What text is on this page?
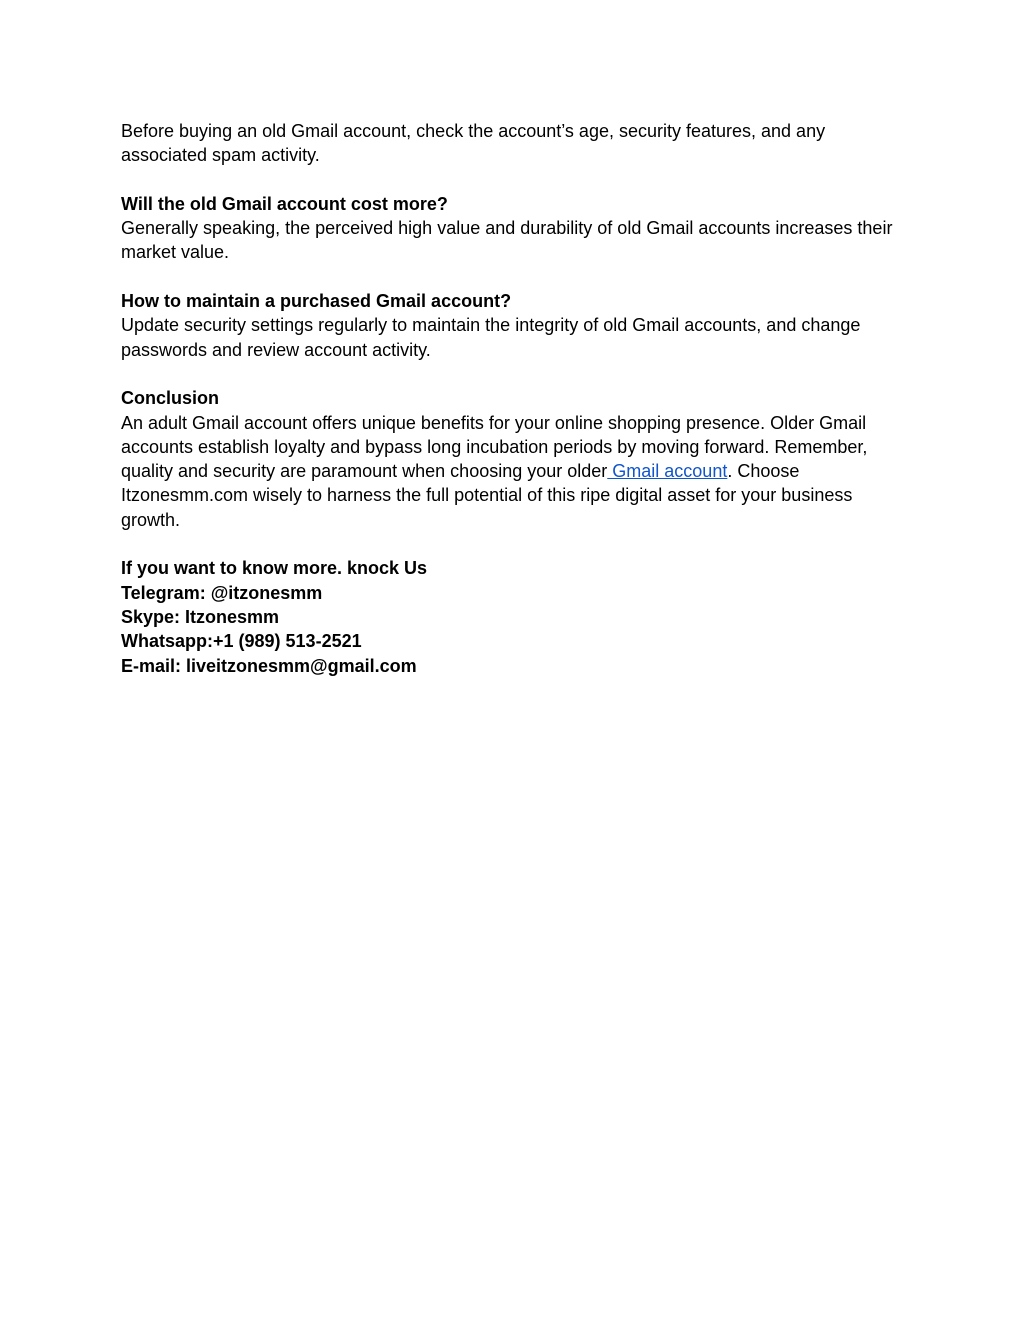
Before buying an old Gmail account, check the account’s age, security features, and any associated spam activity.

Will the old Gmail account cost more?

Generally speaking, the perceived high value and durability of old Gmail accounts increases their market value.

How to maintain a purchased Gmail account?

Update security settings regularly to maintain the integrity of old Gmail accounts, and change passwords and review account activity.

Conclusion

An adult Gmail account offers unique benefits for your online shopping presence. Older Gmail accounts establish loyalty and bypass long incubation periods by moving forward. Remember, quality and security are paramount when choosing your older Gmail account. Choose Itzonesmm.com wisely to harness the full potential of this ripe digital asset for your business growth.

If you want to know more. knock Us

Telegram: @itzonesmm

Skype: Itzonesmm

Whatsapp:+1 (989) 513-2521

E-mail: liveitzonesmm@gmail.com
